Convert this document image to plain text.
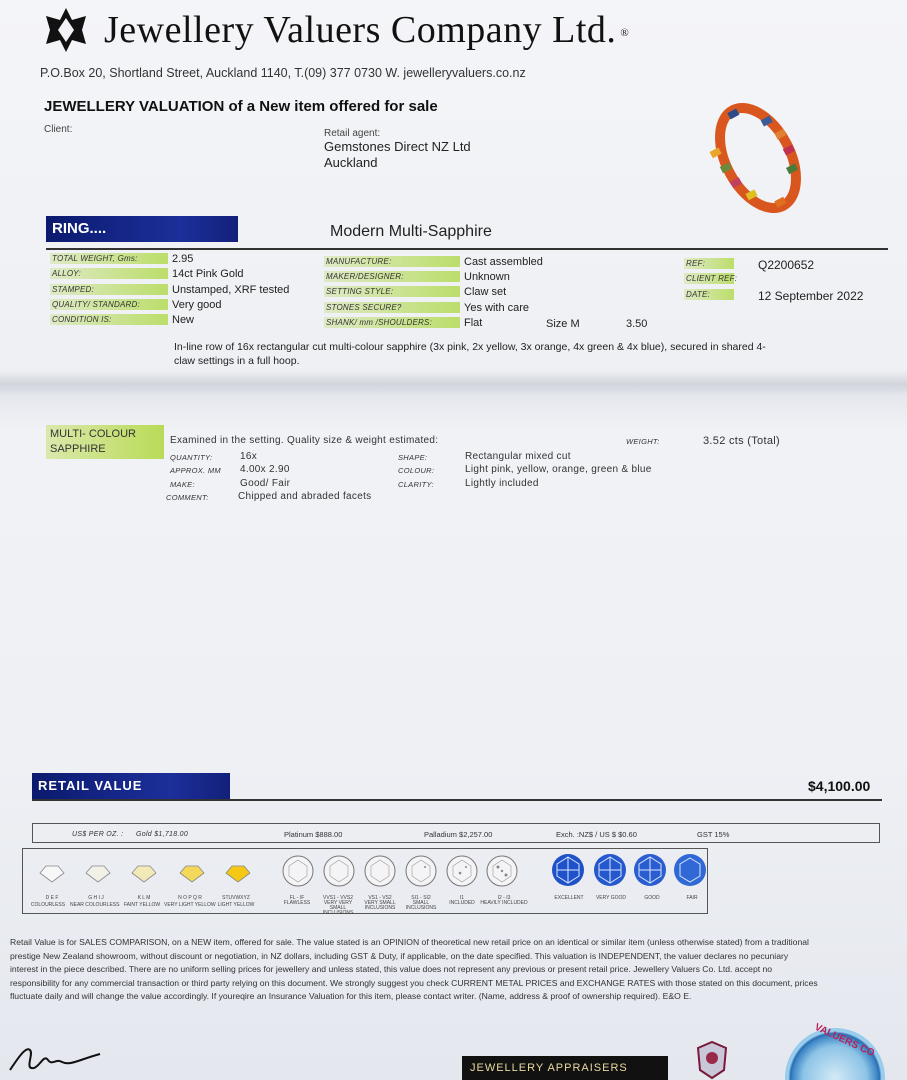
Jewellery Valuers Company Ltd. ®
P.O.Box 20, Shortland Street, Auckland 1140, T.(09) 377 0730 W. jewelleryvaluers.co.nz
JEWELLERY VALUATION of a New item offered for sale
Client:	Retail agent:
Gemstones Direct NZ Ltd
Auckland
RING....	Modern Multi-Sapphire
TOTAL WEIGHT, Gms:	2.95
ALLOY:	14ct Pink Gold
STAMPED:	Unstamped, XRF tested
QUALITY/ STANDARD:	Very good
CONDITION IS:	New
MANUFACTURE:	Cast assembled
MAKER/DESIGNER:	Unknown
SETTING STYLE:	Claw set
STONES SECURE?	Yes with care
SHANK/ mm /SHOULDERS:	Flat	Size M	3.50
REF:	Q2200652
CLIENT REF:
DATE:	12 September 2022
In-line row of 16x rectangular cut multi-colour sapphire (3x pink, 2x yellow, 3x orange, 4x green & 4x blue), secured in shared 4-
claw settings in a full hoop.
MULTI- COLOUR
SAPPHIRE
Examined in the setting. Quality size & weight estimated:	WEIGHT:	3.52 cts (Total)
QUANTITY:	16x
APPROX. MM 4.00x 2.90
MAKE:	Good/ Fair
COMMENT:	Chipped and abraded facets
SHAPE:	Rectangular mixed cut
COLOUR:	Light pink, yellow, orange, green & blue
CLARITY:	Lightly included
RETAIL VALUE	$4,100.00
US$ PER OZ. : Gold $1,718.00	Platinum $888.00	Palladium $2,257.00	Exch. :NZ$ / US $ $0.60	GST 15%
D E F	G H I J	K L M	N O P Q R	STUVWXYZ
COLOURLESS NEAR COLOURLESS FAINT YELLOW VERY LIGHT YELLOW LIGHT YELLOW
FL - IF	VVS1 - VVS2	VS1 - VS2	SI1 - SI2	I1	I2 - I3
FLAWLESS	VERY VERY SMALL INCLUSIONS
VERY SMALL INCLUSIONS
SMALL INCLUSIONS
INCLUDED	HEAVILY INCLUDED
EXCELLENT	VERY GOOD	GOOD	FAIR
Retail Value is for SALES COMPARISON, on a NEW item, offered for sale. The value stated is an OPINION of theoretical new retail price on an identical or similar item (unless otherwise stated) from a traditional
prestige New Zealand showroom, without discount or negotiation, in NZ dollars, including GST & Duty, if applicable, on the date specified. This valuation is INDEPENDENT, the valuer declares no pecuniary
interest in the piece described. There are no uniform selling prices for jewellery and unless stated, this value does not represent any previous or present retail price. Jewellery Valuers Co. Ltd. accept no
responsibility for any commercial transaction or third party relying on this document. We strongly suggest you check CURRENT METAL PRICES and EXCHANGE RATES with those stated on this document, prices
fluctuate daily and will change the value accordingly. If youreqire an Insurance Valuation for this item, please contact writer. (Name, address & proof of ownership required). E&O E.
JEWELLERY APPRAISERS
VALUERS CO
